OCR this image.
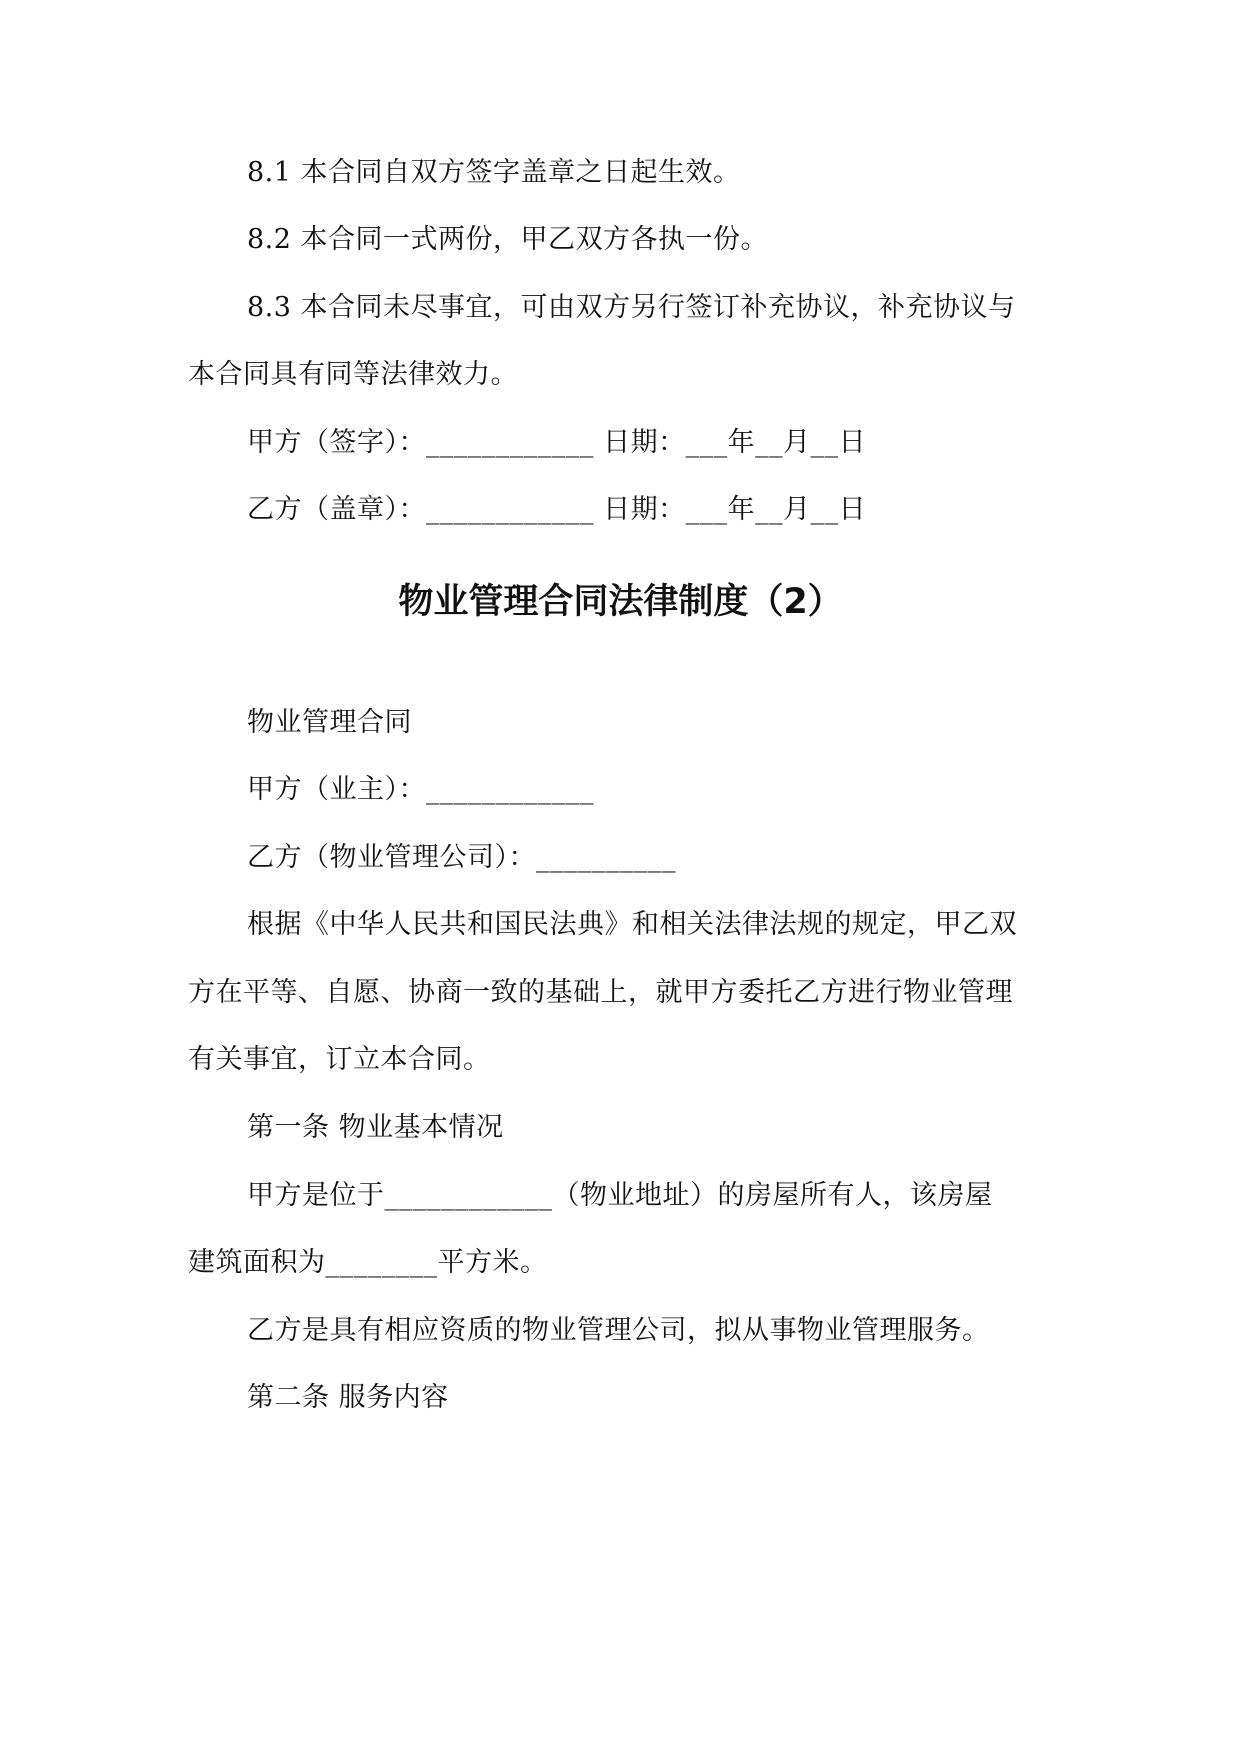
8.1 本合同自双方签字盖章之日起生效。
8.2 本合同一式两份，甲乙双方各执一份。
8.3 本合同未尽事宜，可由双方另行签订补充协议，补充协议与
本合同具有同等法律效力。
甲方（签字）：____________ 日期：___年__月__日
乙方（盖章）：____________ 日期：___年__月__日
物业管理合同法律制度（2）
物业管理合同
甲方（业主）：____________
乙方（物业管理公司）：__________
根据《中华人民共和国民法典》和相关法律法规的规定，甲乙双
方在平等、自愿、协商一致的基础上，就甲方委托乙方进行物业管理
有关事宜，订立本合同。
第一条 物业基本情况
甲方是位于____________（物业地址）的房屋所有人，该房屋
建筑面积为________平方米。
乙方是具有相应资质的物业管理公司，拟从事物业管理服务。
第二条 服务内容
